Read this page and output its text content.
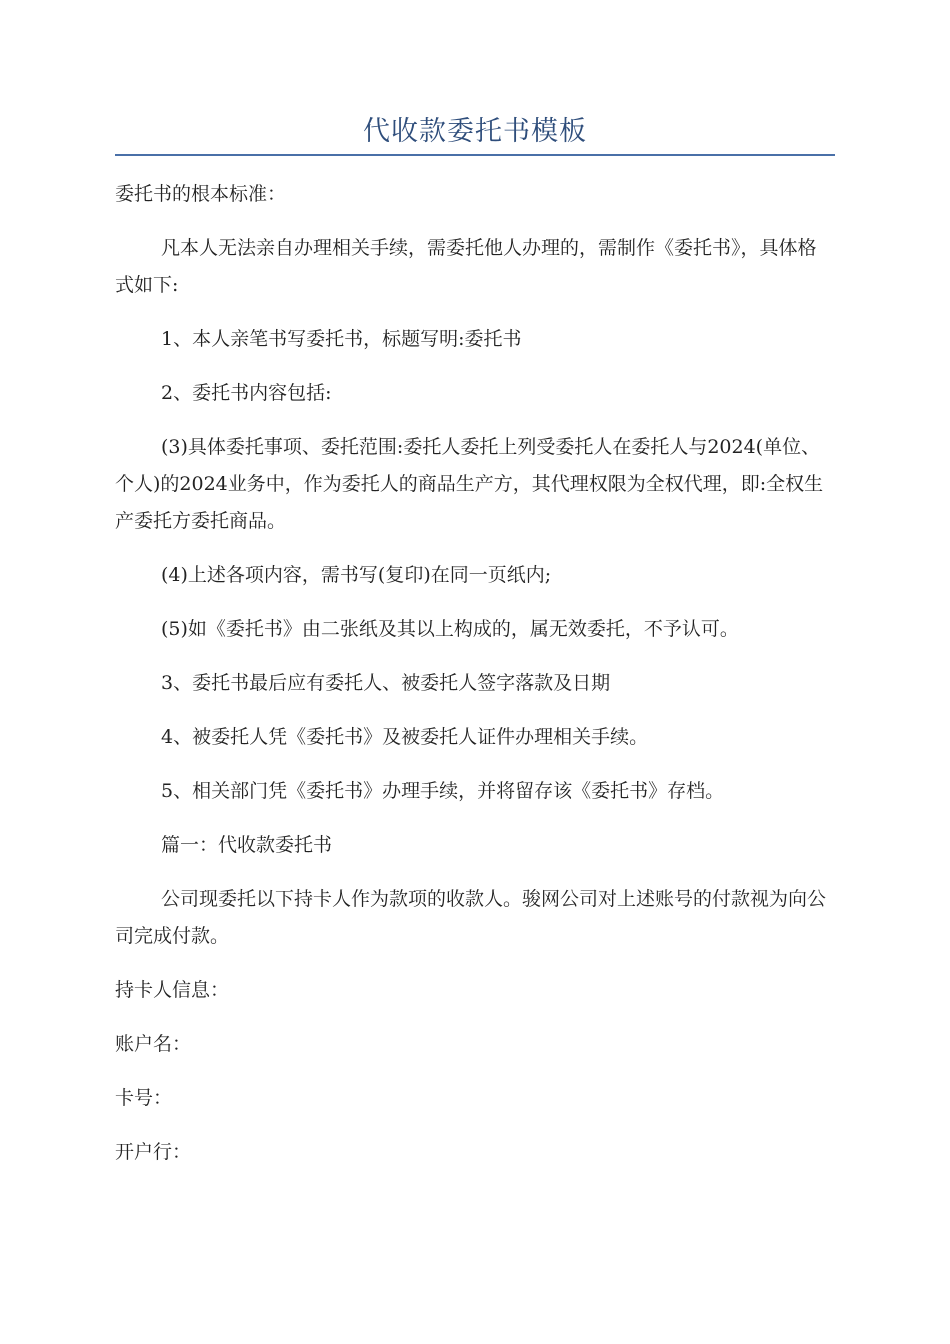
代收款委托书模板

委托书的根本标准：

凡本人无法亲自办理相关手续，需委托他人办理的，需制作《委托书》，具体格式如下:

1、本人亲笔书写委托书，标题写明:委托书

2、委托书内容包括:

(3)具体委托事项、委托范围:委托人委托上列受委托人在委托人与2024(单位、个人)的2024业务中，作为委托人的商品生产方，其代理权限为全权代理，即:全权生产委托方委托商品。

(4)上述各项内容，需书写(复印)在同一页纸内;

(5)如《委托书》由二张纸及其以上构成的，属无效委托，不予认可。

3、委托书最后应有委托人、被委托人签字落款及日期

4、被委托人凭《委托书》及被委托人证件办理相关手续。

5、相关部门凭《委托书》办理手续，并将留存该《委托书》存档。

篇一：代收款委托书

公司现委托以下持卡人作为款项的收款人。骏网公司对上述账号的付款视为向公司完成付款。

持卡人信息：

账户名：

卡号：

开户行：
